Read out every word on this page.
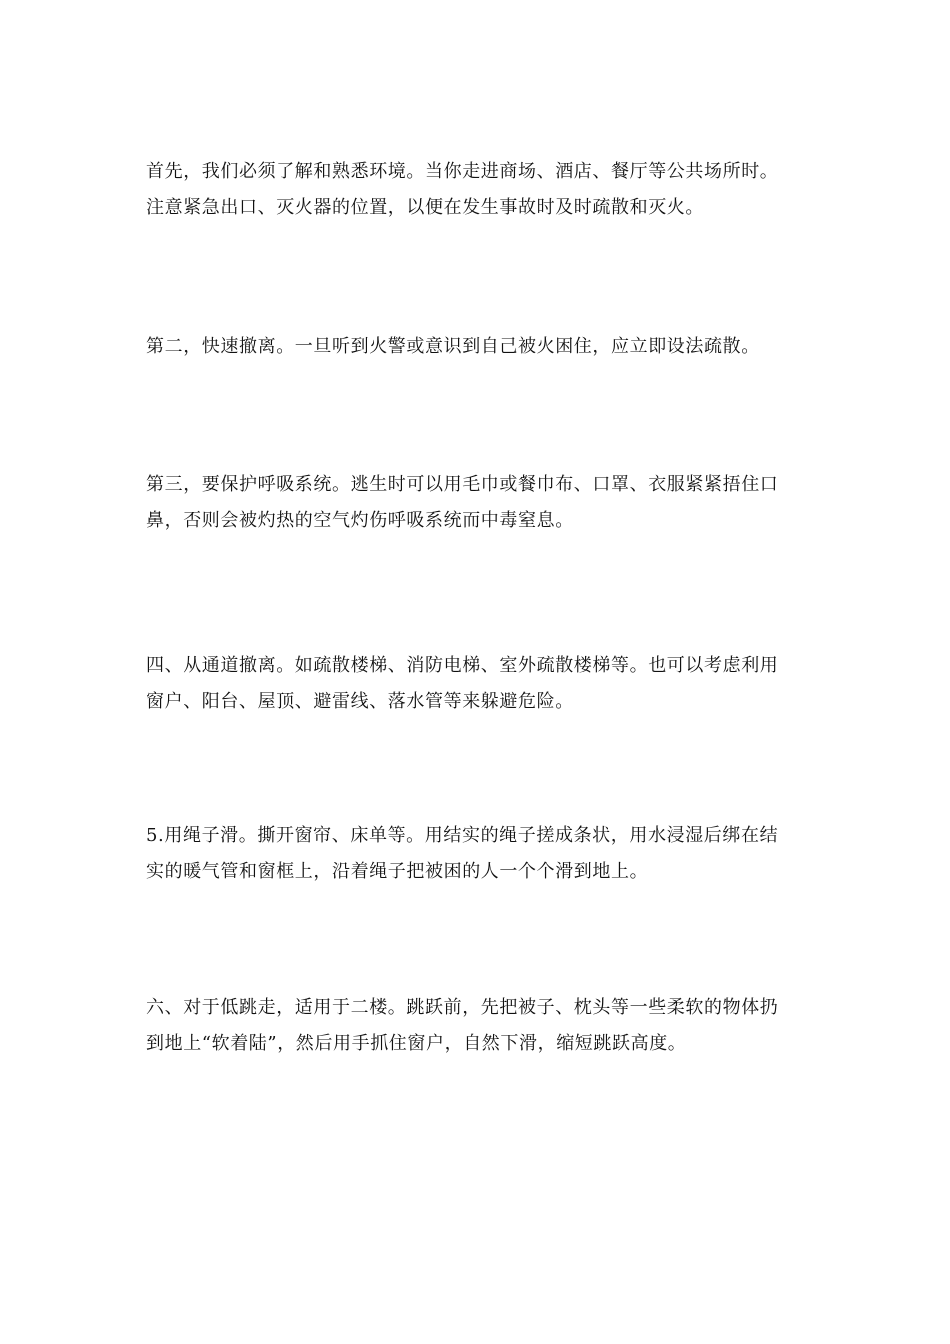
首先，我们必须了解和熟悉环境。当你走进商场、酒店、餐厅等公共场所时。
注意紧急出口、灭火器的位置，以便在发生事故时及时疏散和灭火。

第二，快速撤离。一旦听到火警或意识到自己被火困住，应立即设法疏散。

第三，要保护呼吸系统。逃生时可以用毛巾或餐巾布、口罩、衣服紧紧捂住口
鼻，否则会被灼热的空气灼伤呼吸系统而中毒窒息。

四、从通道撤离。如疏散楼梯、消防电梯、室外疏散楼梯等。也可以考虑利用
窗户、阳台、屋顶、避雷线、落水管等来躲避危险。

5.用绳子滑。撕开窗帘、床单等。用结实的绳子搓成条状，用水浸湿后绑在结
实的暖气管和窗框上，沿着绳子把被困的人一个个滑到地上。

六、对于低跳走，适用于二楼。跳跃前，先把被子、枕头等一些柔软的物体扔
到地上“软着陆”，然后用手抓住窗户，自然下滑，缩短跳跃高度。
